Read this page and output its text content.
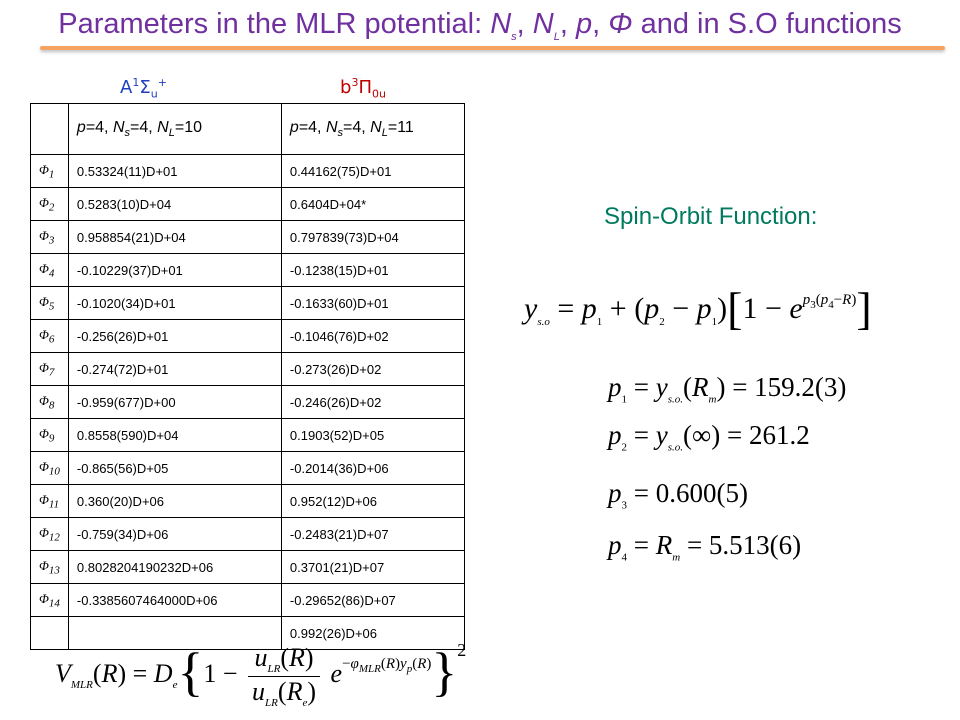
Parameters in the MLR potential: $N_s$, $N_L$, p, Φ and in S.O functions
$A^1\Sigma_u^+$	$b^3\Pi_{0u}$
	p=4, $N_s=4$, $N_L=10$	p=4, $N_s=4$, $N_L=11$
$\Phi_1$	0.53324(11)D+01	0.44162(75)D+01
$\Phi_2$	0.5283(10)D+04	0.6404D+04*
$\Phi_3$	0.958854(21)D+04	0.797839(73)D+04
$\Phi_4$	-0.10229(37)D+01	-0.1238(15)D+01
$\Phi_5$	-0.1020(34)D+01	-0.1633(60)D+01
$\Phi_6$	-0.256(26)D+01	-0.1046(76)D+02
$\Phi_7$	-0.274(72)D+01	-0.273(26)D+02
$\Phi_8$	-0.959(677)D+00	-0.246(26)D+02
$\Phi_9$	0.8558(590)D+04	0.1903(52)D+05
$\Phi_{10}$	-0.865(56)D+05	-0.2014(36)D+06
$\Phi_{11}$	0.360(20)D+06	0.952(12)D+06
$\Phi_{12}$	-0.759(34)D+06	-0.2483(21)D+07
$\Phi_{13}$	0.8028204190232D+06	0.3701(21)D+07
$\Phi_{14}$	-0.3385607464000D+06	-0.29652(86)D+07
		0.992(26)D+06
Spin-Orbit Function:
$y_{s.o} = p_1 + (p_2 - p_1)[1 - e^{p_3(p_4-R)}]$
$p_1 = y_{s.o.}(R_m) = 159.2(3)$
$p_2 = y_{s.o.}(\infty) = 261.2$
$p_3 = 0.600(5)$
$p_4 = R_m = 5.513(6)$
$V_{MLR}(R) = D_e\{1 - \frac{u_{LR}(R)}{u_{LR}(R_e)} e^{-\varphi_{MLR}(R)y_p(R)}\}^2$
